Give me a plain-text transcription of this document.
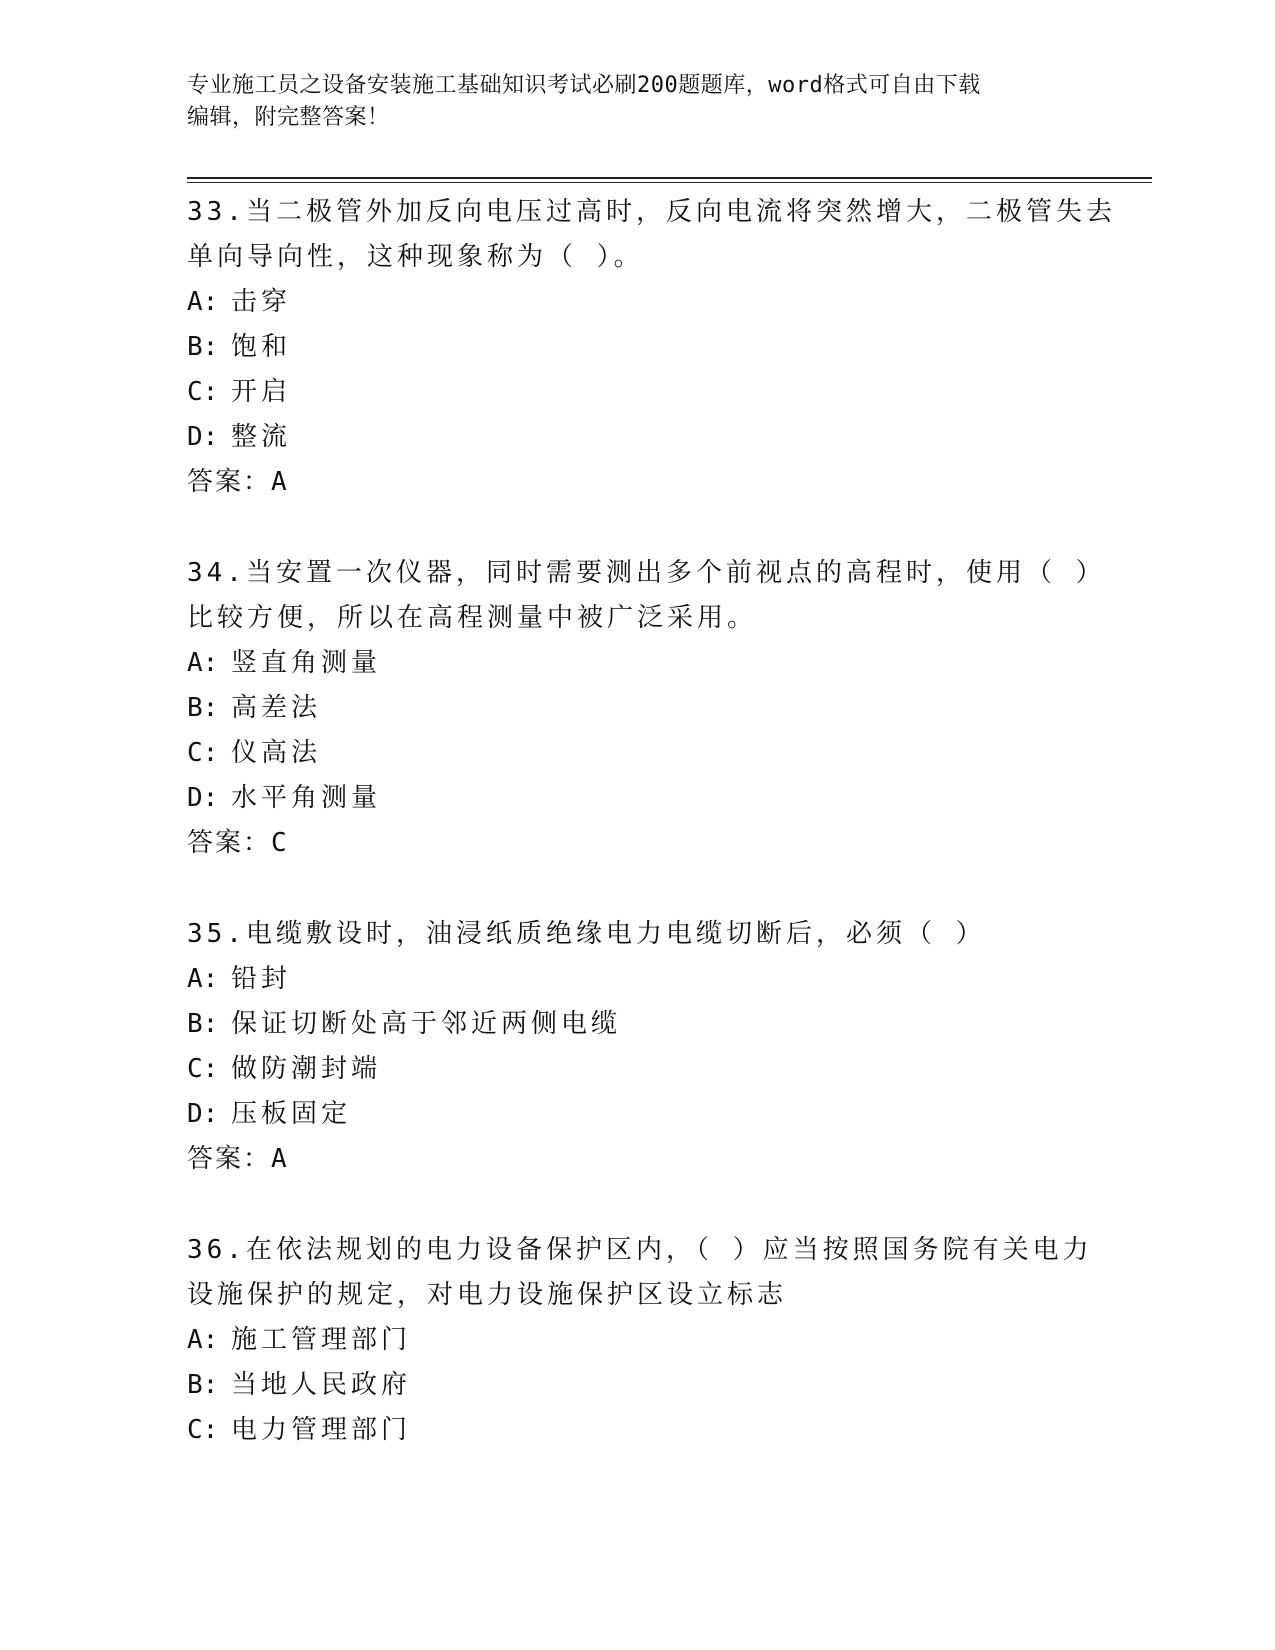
专业施工员之设备安装施工基础知识考试必刷200题题库，word格式可自由下载
编辑，附完整答案！
33.当二极管外加反向电压过高时，反向电流将突然增大，二极管失去
单向导向性，这种现象称为（ ）。
A: 击穿
B: 饱和
C: 开启
D: 整流
答案：A
34.当安置一次仪器，同时需要测出多个前视点的高程时，使用（ ）
比较方便，所以在高程测量中被广泛采用。
A: 竖直角测量
B: 高差法
C: 仪高法
D: 水平角测量
答案：C
35.电缆敷设时，油浸纸质绝缘电力电缆切断后，必须（ ）
A: 铅封
B: 保证切断处高于邻近两侧电缆
C: 做防潮封端
D: 压板固定
答案：A
36.在依法规划的电力设备保护区内，（ ）应当按照国务院有关电力
设施保护的规定，对电力设施保护区设立标志
A: 施工管理部门
B: 当地人民政府
C: 电力管理部门
